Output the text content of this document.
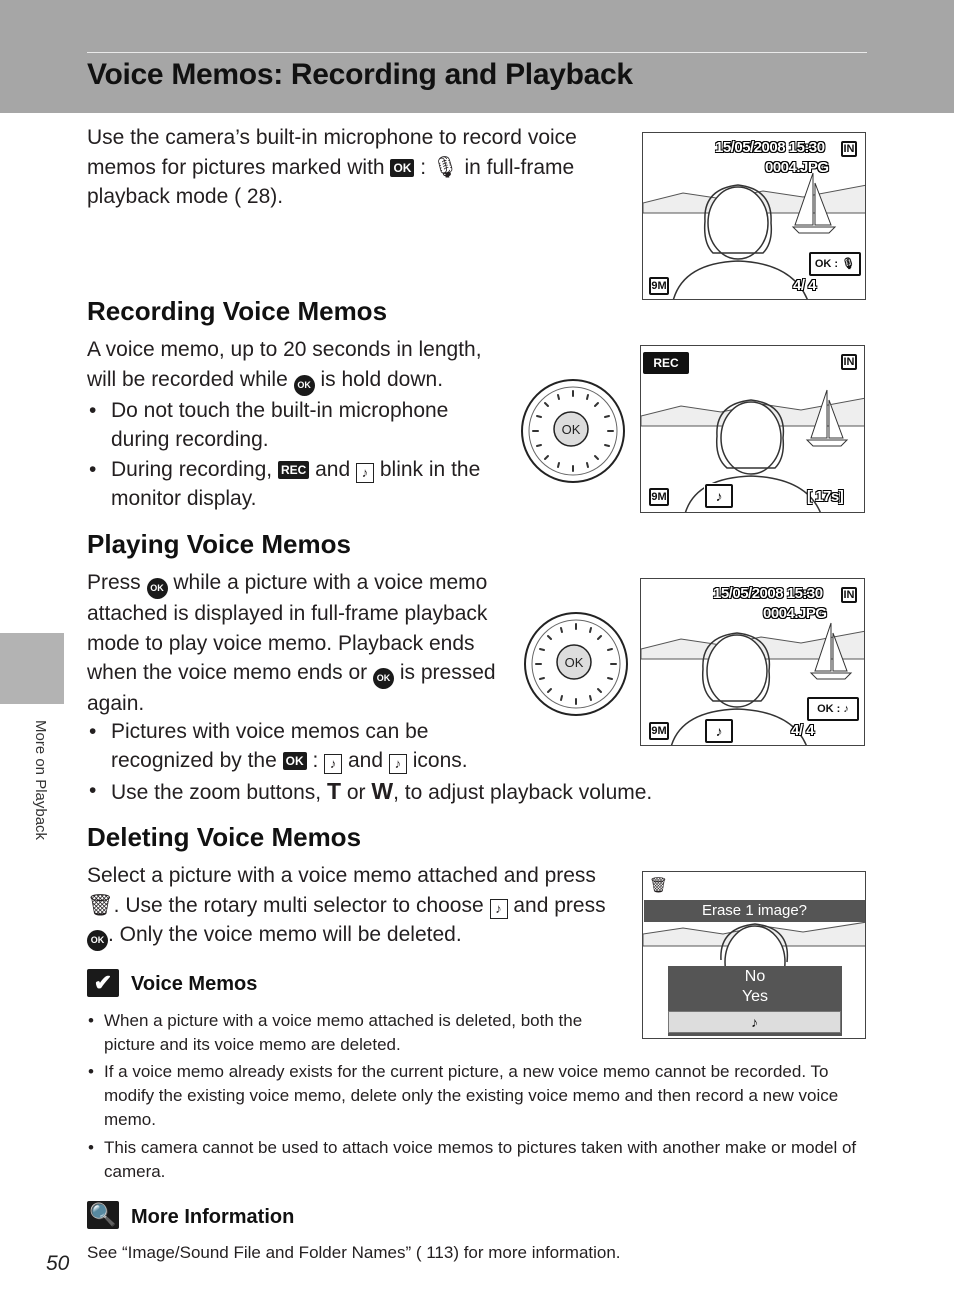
Voice Memos: Recording and Playback
More on Playback
Use the camera’s built-in microphone to record voice
memos for pictures marked with OK : 🎙 in full-frame
playback mode ( 28).
15/05/2008 15:30
0004.JPG
IN
OK : 🎙
9M	4/ 4
Recording Voice Memos
A voice memo, up to 20 seconds in length,
will be recorded while OK is hold down.
• Do not touch the built-in microphone
during recording.
• During recording, REC and ♪ blink in the
monitor display.
OK
REC	IN
9M	♪	[ 17s]
Playing Voice Memos
Press OK while a picture with a voice memo
attached is displayed in full-frame playback
mode to play voice memo. Playback ends
when the voice memo ends or OK is pressed
again.
• Pictures with voice memos can be
recognized by the OK : ♪ and ♪ icons.
• Use the zoom buttons, T or W, to adjust playback volume.
OK
15/05/2008 15:30
0004.JPG
IN
OK : ♪
9M	♪	4/ 4
Deleting Voice Memos
Select a picture with a voice memo attached and press
🗑. Use the rotary multi selector to choose ♪ and press
OK . Only the voice memo will be deleted.
🗑
Erase 1 image?
No
Yes
♪
✔ Voice Memos
• When a picture with a voice memo attached is deleted, both the picture and its voice memo are deleted.
• If a voice memo already exists for the current picture, a new voice memo cannot be recorded. To modify the existing voice memo, delete only the existing voice memo and then record a new voice memo.
• This camera cannot be used to attach voice memos to pictures taken with another make or model of camera.
🔍 More Information
See “Image/Sound File and Folder Names” ( 113) for more information.
50
